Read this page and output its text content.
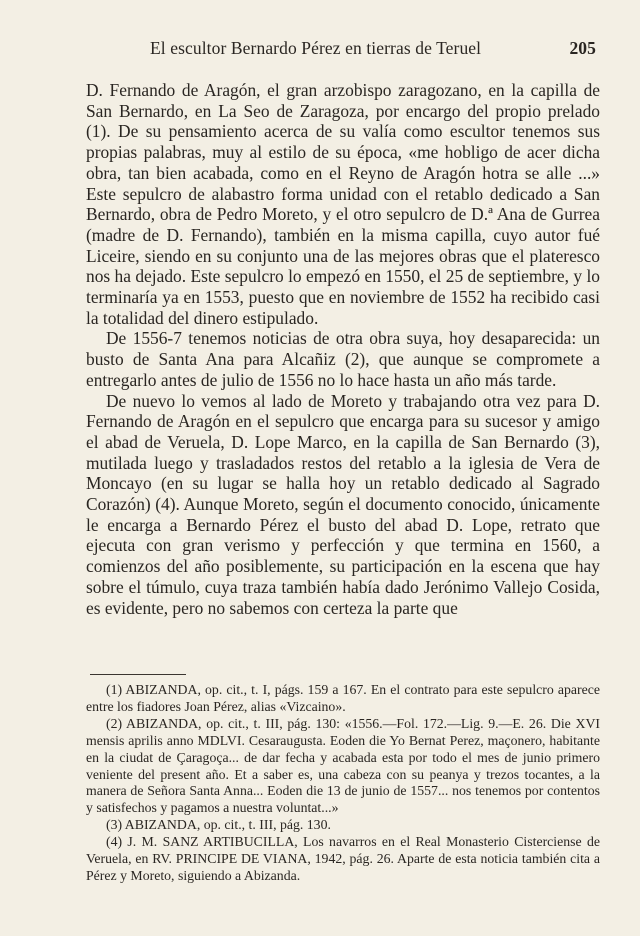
El escultor Bernardo Pérez en tierras de Teruel	205

D. Fernando de Aragón, el gran arzobispo zaragozano, en la capilla de San Bernardo, en La Seo de Zaragoza, por encargo del propio prelado (1). De su pensamiento acerca de su valía como escultor tenemos sus propias palabras, muy al estilo de su época, «me hobligo de acer dicha obra, tan bien acabada, como en el Reyno de Aragón hotra se alle ...» Este sepulcro de alabastro forma unidad con el retablo dedicado a San Bernardo, obra de Pedro Moreto, y el otro sepulcro de D.ª Ana de Gurrea (madre de D. Fernando), también en la misma capilla, cuyo autor fué Liceire, siendo en su conjunto una de las mejores obras que el plateresco nos ha dejado. Este sepulcro lo empezó en 1550, el 25 de septiembre, y lo terminaría ya en 1553, puesto que en noviembre de 1552 ha recibido casi la totalidad del dinero estipulado.

De 1556-7 tenemos noticias de otra obra suya, hoy desaparecida: un busto de Santa Ana para Alcañiz (2), que aunque se compromete a entregarlo antes de julio de 1556 no lo hace hasta un año más tarde.

De nuevo lo vemos al lado de Moreto y trabajando otra vez para D. Fernando de Aragón en el sepulcro que encarga para su sucesor y amigo el abad de Veruela, D. Lope Marco, en la capilla de San Bernardo (3), mutilada luego y trasladados restos del retablo a la iglesia de Vera de Moncayo (en su lugar se halla hoy un retablo dedicado al Sagrado Corazón) (4). Aunque Moreto, según el documento conocido, únicamente le encarga a Bernardo Pérez el busto del abad D. Lope, retrato que ejecuta con gran verismo y perfección y que termina en 1560, a comienzos del año posiblemente, su participación en la escena que hay sobre el túmulo, cuya traza también había dado Jerónimo Vallejo Cosida, es evidente, pero no sabemos con certeza la parte que

(1) ABIZANDA, op. cit., t. I, págs. 159 a 167. En el contrato para este sepulcro aparece entre los fiadores Joan Pérez, alias «Vizcaino».

(2) ABIZANDA, op. cit., t. III, pág. 130: «1556.—Fol. 172.—Lig. 9.—E. 26. Die XVI mensis aprilis anno MDLVI. Cesaraugusta. Eoden die Yo Bernat Perez, maçonero, habitante en la ciudat de Çaragoça... de dar fecha y acabada esta por todo el mes de junio primero veniente del present año. Et a saber es, una cabeza con su peanya y trezos tocantes, a la manera de Señora Santa Anna... Eoden die 13 de junio de 1557... nos tenemos por contentos y satisfechos y pagamos a nuestra voluntat...»

(3) ABIZANDA, op. cit., t. III, pág. 130.

(4) J. M. SANZ ARTIBUCILLA, Los navarros en el Real Monasterio Cisterciense de Veruela, en RV. PRINCIPE DE VIANA, 1942, pág. 26. Aparte de esta noticia también cita a Pérez y Moreto, siguiendo a Abizanda.
